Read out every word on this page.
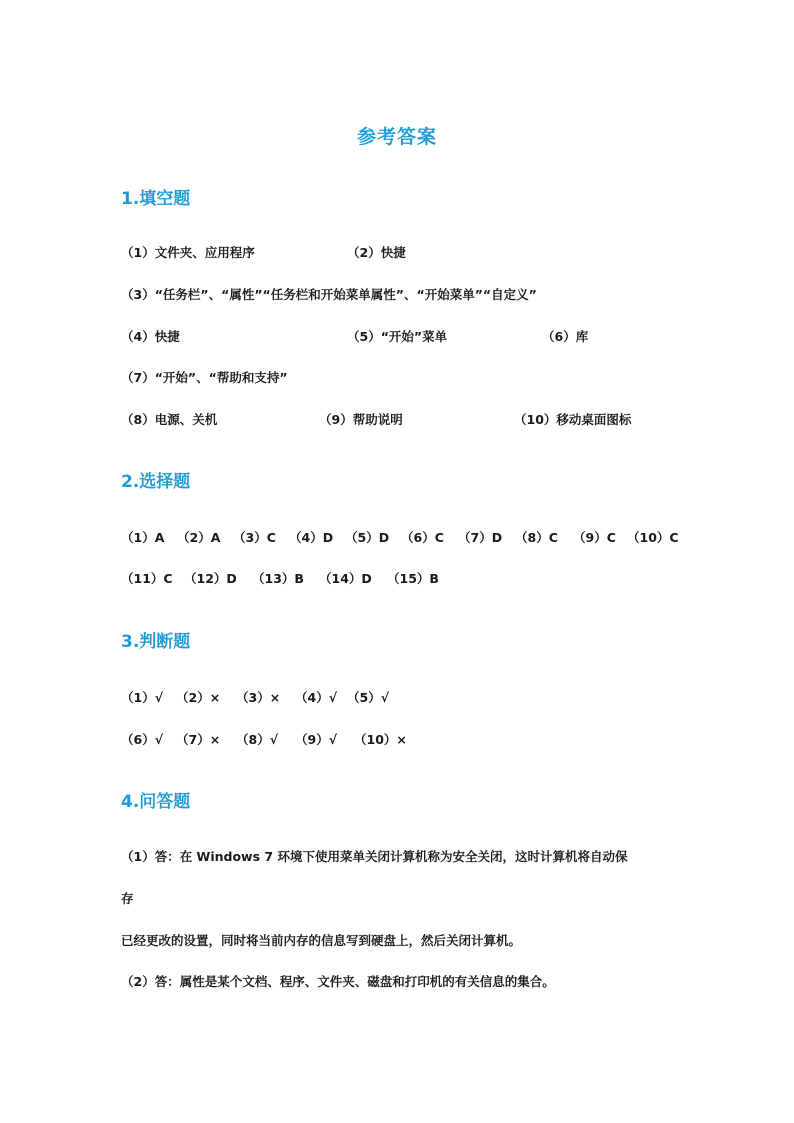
参考答案
1.填空题
（1）文件夹、应用程序	（2）快捷
（3）“任务栏”、“属性”“任务栏和开始菜单属性”、“开始菜单”“自定义”
（4）快捷	（5）“开始”菜单	（6）库
（7）“开始”、“帮助和支持”
（8）电源、关机	（9）帮助说明	（10）移动桌面图标
2.选择题
（1）A （2）A （3）C （4）D （5）D （6）C （7）D （8）C （9）C （10）C
（11）C （12）D （13）B （14）D （15）B
3.判断题
（1）√ （2）× （3）× （4）√ （5）√
（6）√ （7）× （8）√ （9）√ （10）×
4.问答题
（1）答：在 Windows 7 环境下使用菜单关闭计算机称为安全关闭，这时计算机将自动保
存
已经更改的设置，同时将当前内存的信息写到硬盘上，然后关闭计算机。
（2）答：属性是某个文档、程序、文件夹、磁盘和打印机的有关信息的集合。
